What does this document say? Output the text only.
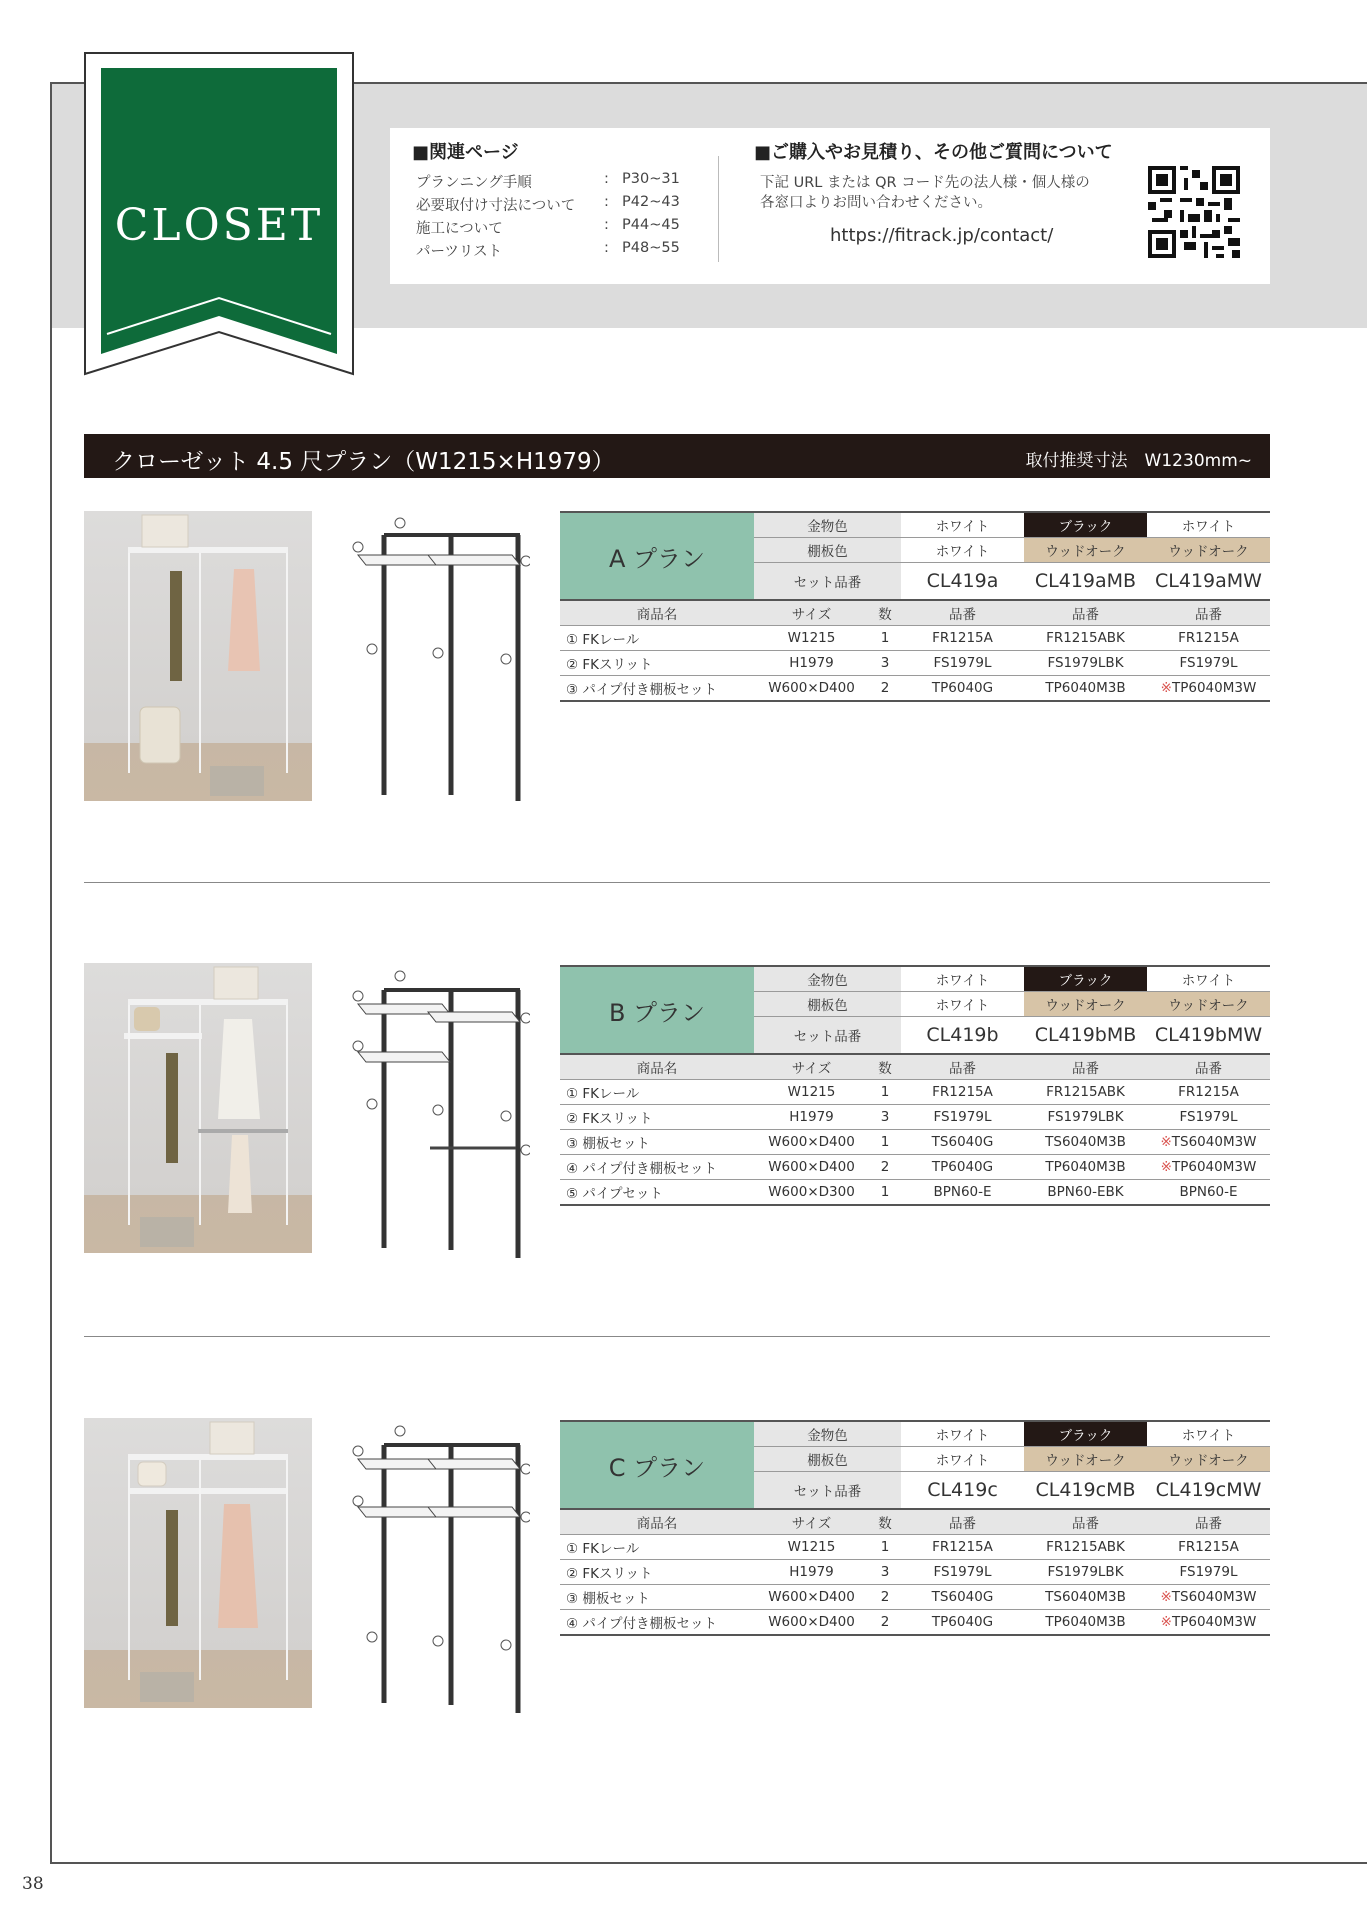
CLOSET
■関連ページ
プランニング手順	: P30~31
必要取付け寸法について : P42~43
施工について	: P44~45
パーツリスト	: P48~55
■ご購入やお見積り、その他ご質問について
下記 URL または QR コード先の法人様・個人様の
各窓口よりお問い合わせください。
https://fitrack.jp/contact/
クローゼット 4.5 尺プラン（W1215×H1979）	取付推奨寸法　W1230mm~
A プラン	金物色		ホワイト	ブラック	ホワイト
	棚板色		ホワイト	ウッドオーク	ウッドオーク
	セット品番		CL419a	CL419aMB	CL419aMW
商品名	サイズ	数	品番	品番	品番
① FKレール	W1215	1	FR1215A	FR1215ABK	FR1215A
② FKスリット	H1979	3	FS1979L	FS1979LBK	FS1979L
③ パイプ付き棚板セット	W600×D400	2	TP6040G	TP6040M3B	※TP6040M3W
B プラン	金物色		ホワイト	ブラック	ホワイト
	棚板色		ホワイト	ウッドオーク	ウッドオーク
	セット品番		CL419b	CL419bMB	CL419bMW
商品名	サイズ	数	品番	品番	品番
① FKレール	W1215	1	FR1215A	FR1215ABK	FR1215A
② FKスリット	H1979	3	FS1979L	FS1979LBK	FS1979L
③ 棚板セット	W600×D400	1	TS6040G	TS6040M3B	※TS6040M3W
④ パイプ付き棚板セット	W600×D400	2	TP6040G	TP6040M3B	※TP6040M3W
⑤ パイプセット	W600×D300	1	BPN60-E	BPN60-EBK	BPN60-E
C プラン	金物色		ホワイト	ブラック	ホワイト
	棚板色		ホワイト	ウッドオーク	ウッドオーク
	セット品番		CL419c	CL419cMB	CL419cMW
商品名	サイズ	数	品番	品番	品番
① FKレール	W1215	1	FR1215A	FR1215ABK	FR1215A
② FKスリット	H1979	3	FS1979L	FS1979LBK	FS1979L
③ 棚板セット	W600×D400	2	TS6040G	TS6040M3B	※TS6040M3W
④ パイプ付き棚板セット	W600×D400	2	TP6040G	TP6040M3B	※TP6040M3W
38
